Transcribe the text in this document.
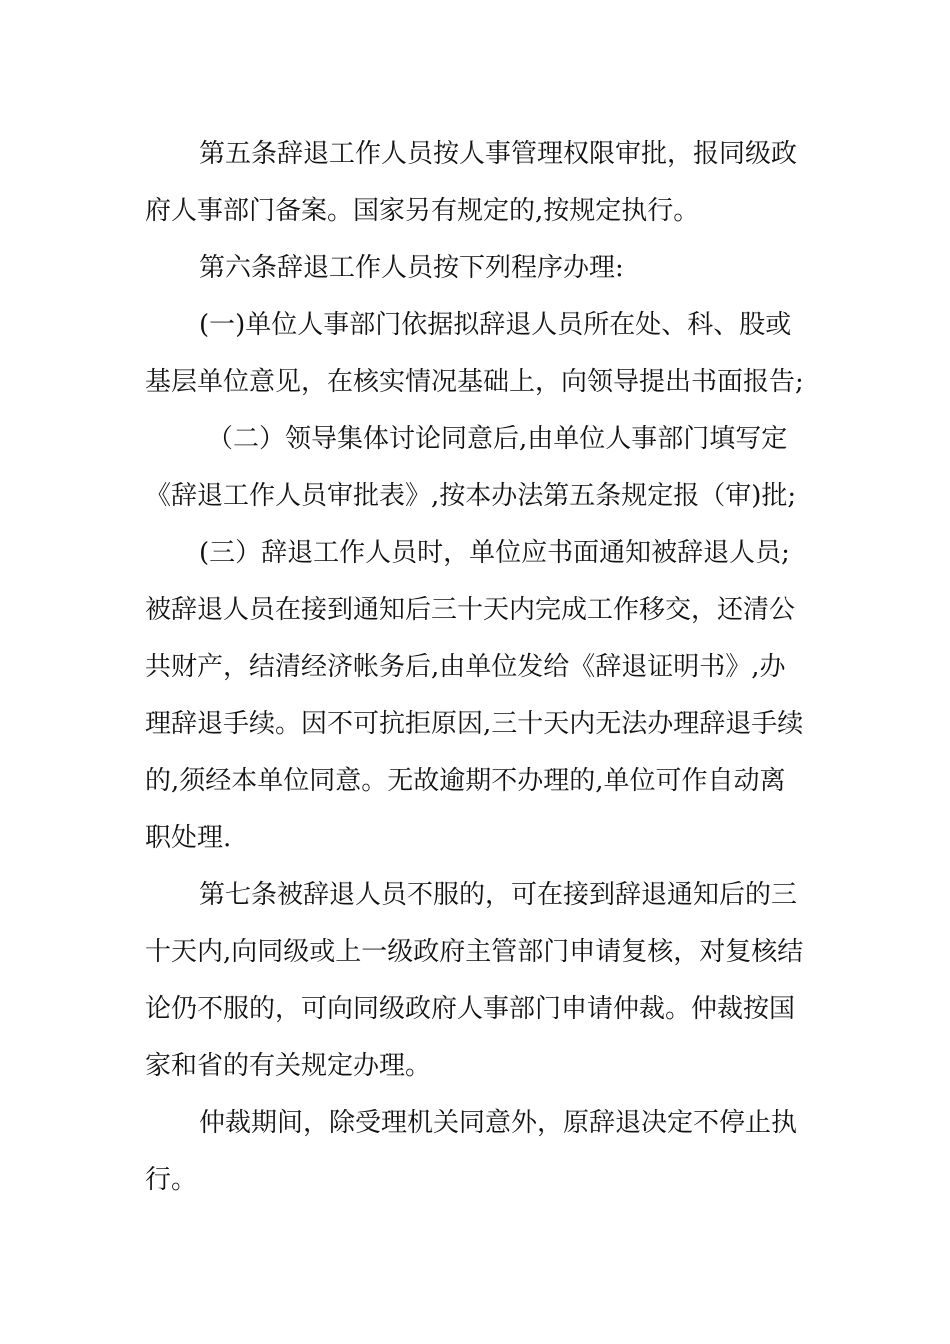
第五条辞退工作人员按人事管理权限审批，报同级政
府人事部门备案。国家另有规定的,按规定执行。
第六条辞退工作人员按下列程序办理:
(一)单位人事部门依据拟辞退人员所在处、科、股或
基层单位意见，在核实情况基础上，向领导提出书面报告;
（二）领导集体讨论同意后,由单位人事部门填写定
《辞退工作人员审批表》,按本办法第五条规定报（审)批;
(三）辞退工作人员时，单位应书面通知被辞退人员;
被辞退人员在接到通知后三十天内完成工作移交，还清公
共财产，结清经济帐务后,由单位发给《辞退证明书》,办
理辞退手续。因不可抗拒原因,三十天内无法办理辞退手续
的,须经本单位同意。无故逾期不办理的,单位可作自动离
职处理.
第七条被辞退人员不服的，可在接到辞退通知后的三
十天内,向同级或上一级政府主管部门申请复核，对复核结
论仍不服的，可向同级政府人事部门申请仲裁。仲裁按国
家和省的有关规定办理。
仲裁期间，除受理机关同意外，原辞退决定不停止执
行。
